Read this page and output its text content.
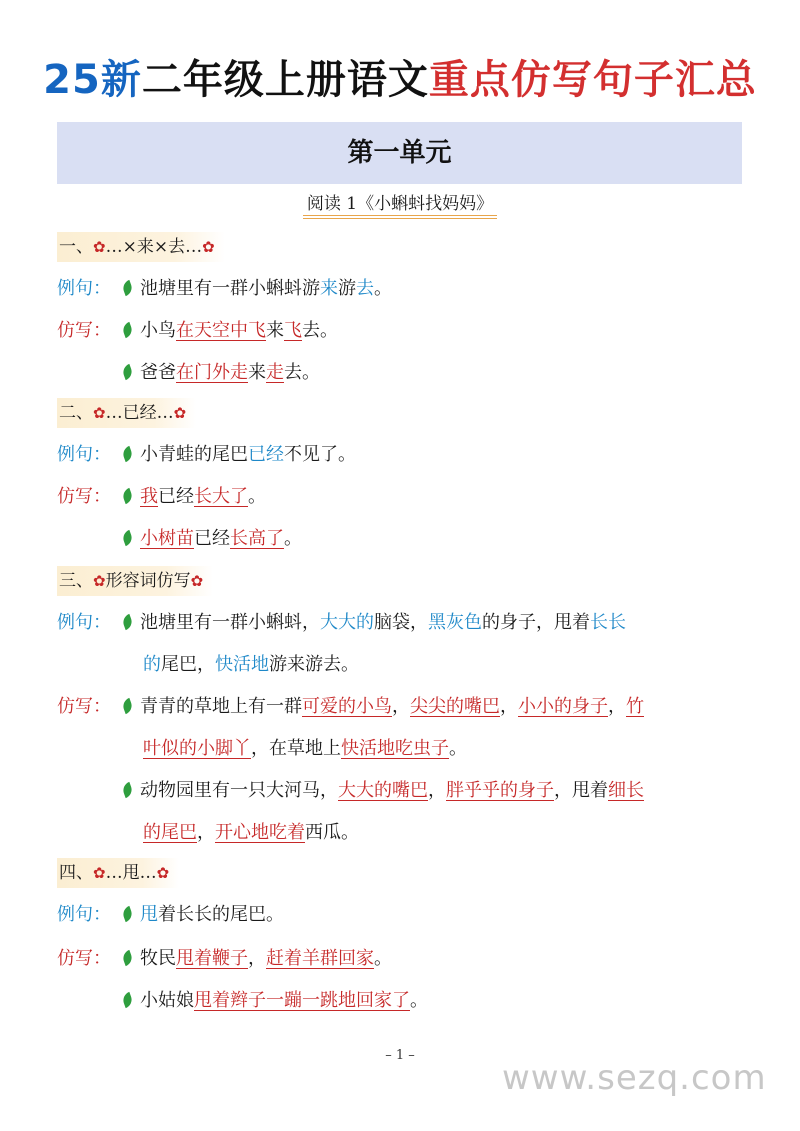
25新二年级上册语文重点仿写句子汇总
第一单元
阅读 1《小蝌蚪找妈妈》
一、✿…×来×去…✿
例句： 池塘里有一群小蝌蚪游来游去。
仿写： 小鸟在天空中飞来飞去。
爸爸在门外走来走去。
二、✿…已经…✿
例句： 小青蛙的尾巴已经不见了。
仿写： 我已经长大了。
小树苗已经长高了。
三、✿形容词仿写✿
例句： 池塘里有一群小蝌蚪，大大的脑袋，黑灰色的身子，甩着长长
的尾巴，快活地游来游去。
仿写： 青青的草地上有一群可爱的小鸟，尖尖的嘴巴，小小的身子，竹
叶似的小脚丫，在草地上快活地吃虫子。
动物园里有一只大河马，大大的嘴巴，胖乎乎的身子，甩着细长
的尾巴，开心地吃着西瓜。
四、✿…甩…✿
例句： 甩着长长的尾巴。
仿写： 牧民甩着鞭子，赶着羊群回家。
小姑娘甩着辫子一蹦一跳地回家了。
– 1 –
www.sezq.com
